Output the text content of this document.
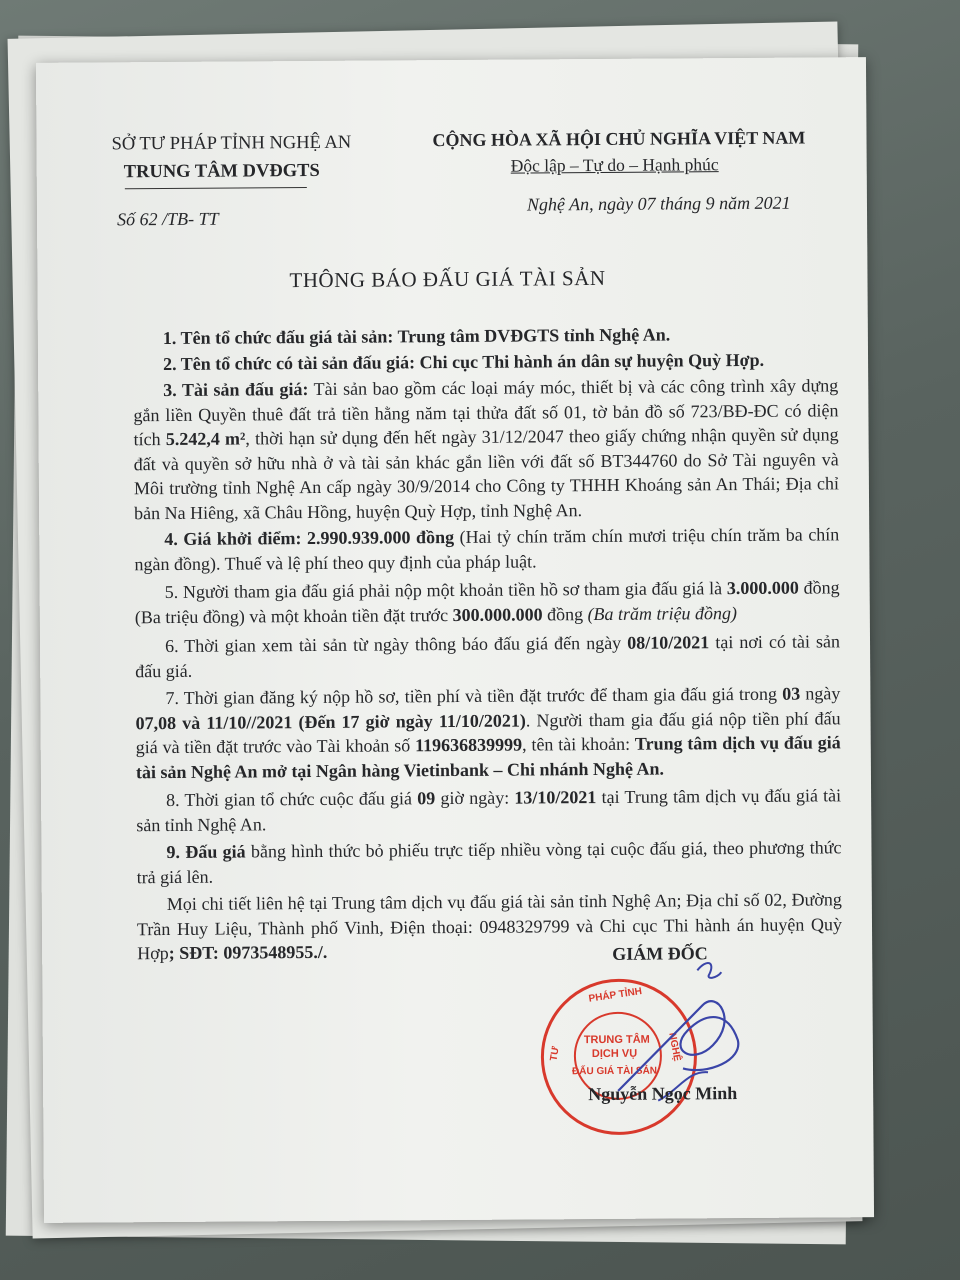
SỞ TƯ PHÁP TỈNH NGHỆ AN
TRUNG TÂM DVĐGTS
Số 62 /TB- TT
CỘNG HÒA XÃ HỘI CHỦ NGHĨA VIỆT NAM
Độc lập – Tự do – Hạnh phúc
Nghệ An, ngày 07 tháng 9 năm 2021
THÔNG BÁO ĐẤU GIÁ TÀI SẢN

1. Tên tổ chức đấu giá tài sản: Trung tâm DVĐGTS tỉnh Nghệ An.

2. Tên tổ chức có tài sản đấu giá: Chi cục Thi hành án dân sự huyện Quỳ Hợp.

3. Tài sản đấu giá: Tài sản bao gồm các loại máy móc, thiết bị và các công trình xây dựng gắn liền Quyền thuê đất trả tiền hằng năm tại thửa đất số 01, tờ bản đồ số 723/BĐ-ĐC có diện tích 5.242,4 m², thời hạn sử dụng đến hết ngày 31/12/2047 theo giấy chứng nhận quyền sử dụng đất và quyền sở hữu nhà ở và tài sản khác gắn liền với đất số BT344760 do Sở Tài nguyên và Môi trường tỉnh Nghệ An cấp ngày 30/9/2014 cho Công ty THHH Khoáng sản An Thái; Địa chỉ bản Na Hiêng, xã Châu Hồng, huyện Quỳ Hợp, tỉnh Nghệ An.

4. Giá khởi điểm: 2.990.939.000 đồng (Hai tỷ chín trăm chín mươi triệu chín trăm ba chín ngàn đồng). Thuế và lệ phí theo quy định của pháp luật.

5. Người tham gia đấu giá phải nộp một khoản tiền hồ sơ tham gia đấu giá là 3.000.000 đồng (Ba triệu đồng) và một khoản tiền đặt trước 300.000.000 đồng (Ba trăm triệu đồng)

6. Thời gian xem tài sản từ ngày thông báo đấu giá đến ngày 08/10/2021 tại nơi có tài sản đấu giá.

7. Thời gian đăng ký nộp hồ sơ, tiền phí và tiền đặt trước để tham gia đấu giá trong 03 ngày 07,08 và 11/10//2021 (Đến 17 giờ ngày 11/10/2021). Người tham gia đấu giá nộp tiền phí đấu giá và tiền đặt trước vào Tài khoản số 119636839999, tên tài khoản: Trung tâm dịch vụ đấu giá tài sản Nghệ An mở tại Ngân hàng Vietinbank – Chi nhánh Nghệ An.

8. Thời gian tổ chức cuộc đấu giá 09 giờ ngày: 13/10/2021 tại Trung tâm dịch vụ đấu giá tài sản tỉnh Nghệ An.

9. Đấu giá bằng hình thức bỏ phiếu trực tiếp nhiều vòng tại cuộc đấu giá, theo phương thức trả giá lên.

Mọi chi tiết liên hệ tại Trung tâm dịch vụ đấu giá tài sản tỉnh Nghệ An; Địa chỉ số 02, Đường Trần Huy Liệu, Thành phố Vinh, Điện thoại: 0948329799 và Chi cục Thi hành án huyện Quỳ Hợp; SĐT: 0973548955./.	GIÁM ĐỐC
PHÁP TỈNH
TƯ	NGHỆ
TRUNG TÂM
DỊCH VỤ
ĐẤU GIÁ TÀI SẢN
Nguyễn Ngọc Minh
